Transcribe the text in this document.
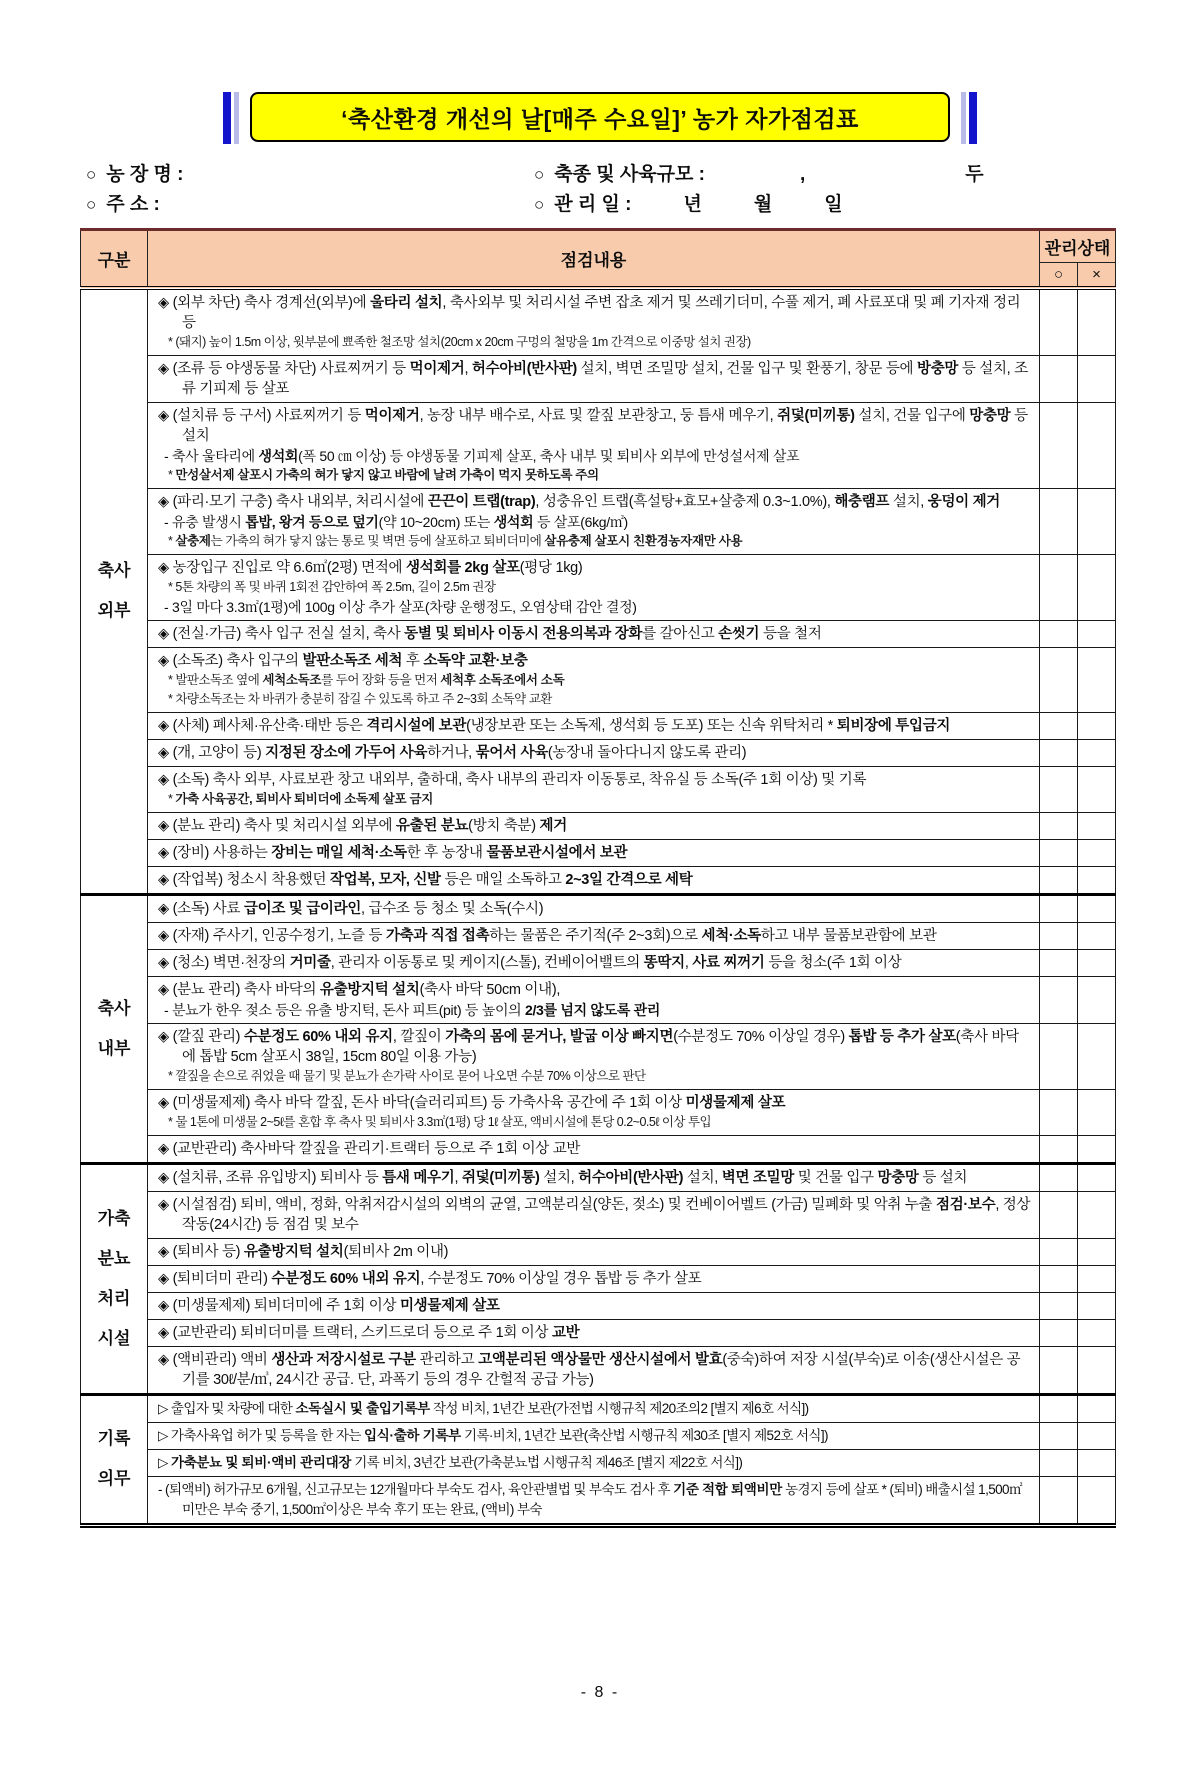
‘축산환경 개선의 날[매주 수요일]’ 농가 자가점검표
○ 농 장 명 :	○ 축종 및 사육규모 :	,	두
○ 주 소 :	○ 관 리 일 :	년	월	일
구분	점검내용	관리상태	
		○	×

축사
외부

◈ (외부 차단) 축사 경계선(외부)에 울타리 설치, 축사외부 및 처리시설 주변 잡초 제거 및 쓰레기더미, 수풀 제거, 폐 사료포대 및 폐 기자재 정리 등
* (돼지) 높이 1.5m 이상, 윗부분에 뾰족한 철조망 설치(20cm x 20cm 구멍의 철망을 1m 간격으로 이중망 설치 권장)

	◈ (조류 등 야생동물 차단) 사료찌꺼기 등 먹이제거, 허수아비(반사판) 설치, 벽면 조밀망 설치, 건물 입구 및 환풍기, 창문 등에 방충망 등 설치, 조류 기피제 등 살포		

	◈ (설치류 등 구서) 사료찌꺼기 등 먹이제거, 농장 내부 배수로, 사료 및 깔짚 보관창고, 둥 틈새 메우기, 쥐덫(미끼통) 설치, 건물 입구에 망충망 등 설치
- 축사 울타리에 생석회(폭 50 ㎝ 이상) 등 야생동물 기피제 살포, 축사 내부 및 퇴비사 외부에 만성설서제 살포
* 만성살서제 살포시 가축의 혀가 닿지 않고 바람에 날려 가축이 먹지 못하도록 주의		

	◈ (파리·모기 구충) 축사 내외부, 처리시설에 끈끈이 트랩(trap), 성충유인 트랩(흑설탕+효모+살충제 0.3~1.0%), 해충램프 설치, 웅덩이 제거
- 유충 발생시 톱밥, 왕겨 등으로 덮기(약 10~20cm) 또는 생석회 등 살포(6kg/㎡)
* 살충제는 가축의 혀가 닿지 않는 통로 및 벽면 등에 살포하고 퇴비더미에 살유충제 살포시 친환경농자재만 사용		

	◈ 농장입구 진입로 약 6.6㎡(2평) 면적에 생석회를 2kg 살포(평당 1kg)
* 5톤 차량의 폭 및 바퀴 1회전 감안하여 폭 2.5m, 길이 2.5m 권장
- 3일 마다 3.3㎡(1평)에 100g 이상 추가 살포(차량 운행정도, 오염상태 감안 결정)		

	◈ (전실·가금) 축사 입구 전실 설치, 축사 동별 및 퇴비사 이동시 전용의복과 장화를 갈아신고 손씻기 등을 철저		

	◈ (소독조) 축사 입구의 발판소독조 세척 후 소독약 교환·보충
* 발판소독조 옆에 세척소독조를 두어 장화 등을 먼저 세척후 소독조에서 소독
* 차량소독조는 차 바퀴가 충분히 잠길 수 있도록 하고 주 2~3회 소독약 교환		

	◈ (사체) 폐사체·유산축·태반 등은 격리시설에 보관(냉장보관 또는 소독제, 생석회 등 도포) 또는 신속 위탁처리 * 퇴비장에 투입금지		

	◈ (개, 고양이 등) 지정된 장소에 가두어 사육하거나, 묶어서 사육(농장내 돌아다니지 않도록 관리)		

	◈ (소독) 축사 외부, 사료보관 창고 내외부, 출하대, 축사 내부의 관리자 이동통로, 착유실 등 소독(주 1회 이상) 및 기록
* 가축 사육공간, 퇴비사 퇴비더에 소독제 살포 금지		

	◈ (분뇨 관리) 축사 및 처리시설 외부에 유출된 분뇨(방치 축분) 제거		

	◈ (장비) 사용하는 장비는 매일 세척·소독한 후 농장내 물품보관시설에서 보관		

	◈ (작업복) 청소시 착용했던 작업복, 모자, 신발 등은 매일 소독하고 2~3일 간격으로 세탁		

축사
내부	◈ (소독) 사료 급이조 및 급이라인, 급수조 등 청소 및 소독(수시)		

	◈ (자재) 주사기, 인공수정기, 노즐 등 가축과 직접 접촉하는 물품은 주기적(주 2~3회)으로 세척·소독하고 내부 물품보관함에 보관		

	◈ (청소) 벽면·천장의 거미줄, 관리자 이동통로 및 케이지(스톨), 컨베이어밸트의 똥딱지, 사료 찌꺼기 등을 청소(주 1회 이상		

	◈ (분뇨 관리) 축사 바닥의 유출방지턱 설치(축사 바닥 50cm 이내),
- 분뇨가 한우 젖소 등은 유출 방지턱, 돈사 피트(pit) 등 높이의 2/3를 넘지 않도록 관리		

	◈ (깔짚 관리) 수분정도 60% 내외 유지, 깔짚이 가축의 몸에 묻거나, 발굽 이상 빠지면(수분정도 70% 이상일 경우) 톱밥 등 추가 살포(축사 바닥에 톱밥 5cm 살포시 38일, 15cm 80일 이용 가능)
* 깔짚을 손으로 쥐었을 때 물기 및 분뇨가 손가락 사이로 묻어 나오면 수분 70% 이상으로 판단		

	◈ (미생물제제) 축사 바닥 깔짚, 돈사 바닥(슬러리피트) 등 가축사육 공간에 주 1회 이상 미생물제제 살포
* 물 1톤에 미생물 2~5ℓ를 혼합 후 축사 및 퇴비사 3.3㎡(1평) 당 1ℓ 살포, 액비시설에 톤당 0.2~0.5ℓ 이상 투입		

	◈ (교반관리) 축사바닥 깔짚을 관리기·트랙터 등으로 주 1회 이상 교반		

가축
분뇨
처리
시설	◈ (설치류, 조류 유입방지) 퇴비사 등 틈새 메우기, 쥐덫(미끼통) 설치, 허수아비(반사판) 설치, 벽면 조밀망 및 건물 입구 망충망 등 설치		

	◈ (시설점검) 퇴비, 액비, 정화, 악취저감시설의 외벽의 균열, 고액분리실(양돈, 젖소) 및 컨베이어벨트 (가금) 밀폐화 및 악취 누출 점검·보수, 정상작동(24시간) 등 점검 및 보수		

	◈ (퇴비사 등) 유출방지턱 설치(퇴비사 2m 이내)		

	◈ (퇴비더미 관리) 수분정도 60% 내외 유지, 수분정도 70% 이상일 경우 톱밥 등 추가 살포		

	◈ (미생물제제) 퇴비더미에 주 1회 이상 미생물제제 살포		

	◈ (교반관리) 퇴비더미를 트랙터, 스키드로더 등으로 주 1회 이상 교반		

	◈ (액비관리) 액비 생산과 저장시설로 구분 관리하고 고액분리된 액상물만 생산시설에서 발효(중숙)하여 저장 시설(부숙)로 이송(생산시설은 공기를 30ℓ/분/㎥, 24시간 공급. 단, 과폭기 등의 경우 간헐적 공급 가능)		

기록
의무	▷ 출입자 및 차량에 대한 소독실시 및 출입기록부 작성 비치, 1년간 보관(가전법 시행규칙 제20조의2 [별지 제6호 서식])		

	▷ 가축사육업 허가 및 등록을 한 자는 입식·출하 기록부 기록·비치, 1년간 보관(축산법 시행규칙 제30조 [별지 제52호 서식])		

	▷ 가축분뇨 및 퇴비·액비 관리대장 기록 비치, 3년간 보관(가축분뇨법 시행규칙 제46조 [별지 제22호 서식])		

	- (퇴액비) 허가규모 6개월, 신고규모는 12개월마다 부숙도 검사, 육안관별법 및 부숙도 검사 후 기준 적합 퇴액비만 농경지 등에 살포 * (퇴비) 배출시설 1,500㎡미만은 부숙 중기, 1,500㎡이상은 부숙 후기 또는 완료, (액비) 부숙		

- 8 -
